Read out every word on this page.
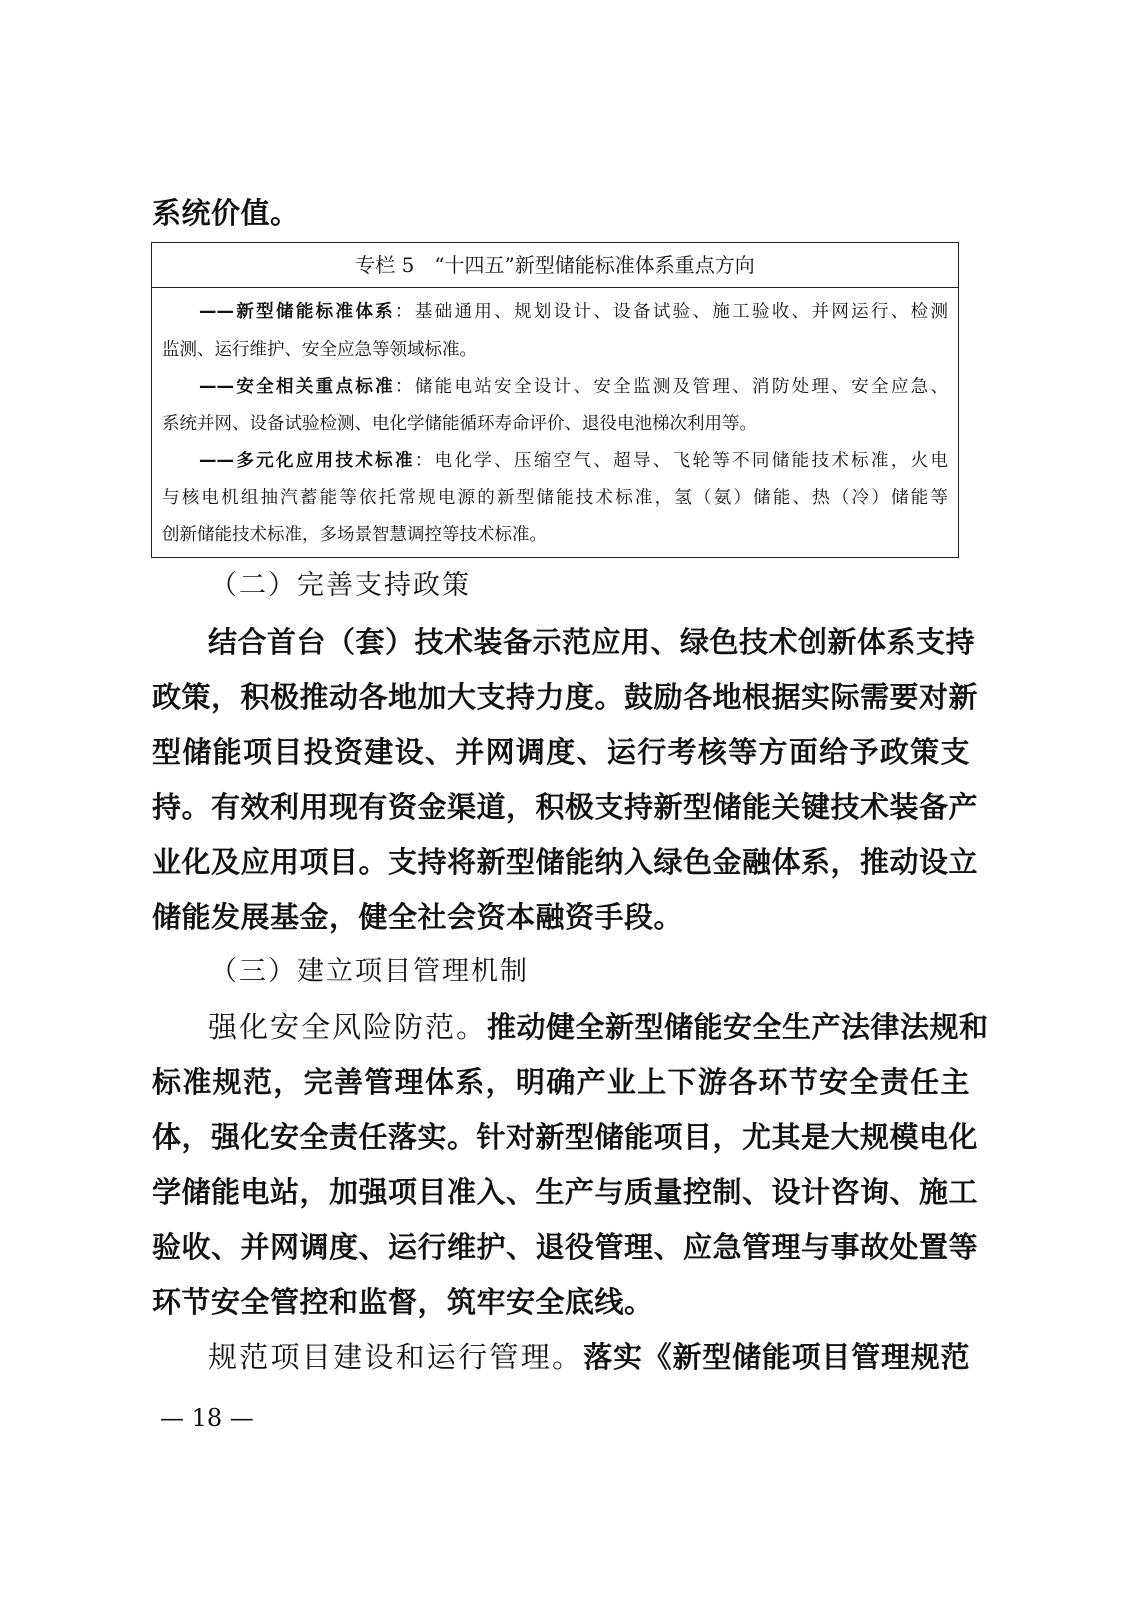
系统价值。
专栏 5　“十四五”新型储能标准体系重点方向
——新型储能标准体系：基础通用、规划设计、设备试验、施工验收、并网运行、检测
监测、运行维护、安全应急等领域标准。
——安全相关重点标准：储能电站安全设计、安全监测及管理、消防处理、安全应急、
系统并网、设备试验检测、电化学储能循环寿命评价、退役电池梯次利用等。
——多元化应用技术标准：电化学、压缩空气、超导、飞轮等不同储能技术标准，火电
与核电机组抽汽蓄能等依托常规电源的新型储能技术标准，氢（氨）储能、热（冷）储能等
创新储能技术标准，多场景智慧调控等技术标准。
（二）完善支持政策
结合首台（套）技术装备示范应用、绿色技术创新体系支持
政策，积极推动各地加大支持力度。鼓励各地根据实际需要对新
型储能项目投资建设、并网调度、运行考核等方面给予政策支
持。有效利用现有资金渠道，积极支持新型储能关键技术装备产
业化及应用项目。支持将新型储能纳入绿色金融体系，推动设立
储能发展基金，健全社会资本融资手段。
（三）建立项目管理机制
强化安全风险防范。推动健全新型储能安全生产法律法规和
标准规范，完善管理体系，明确产业上下游各环节安全责任主
体，强化安全责任落实。针对新型储能项目，尤其是大规模电化
学储能电站，加强项目准入、生产与质量控制、设计咨询、施工
验收、并网调度、运行维护、退役管理、应急管理与事故处置等
环节安全管控和监督，筑牢安全底线。
规范项目建设和运行管理。落实《新型储能项目管理规范
— 18 —
